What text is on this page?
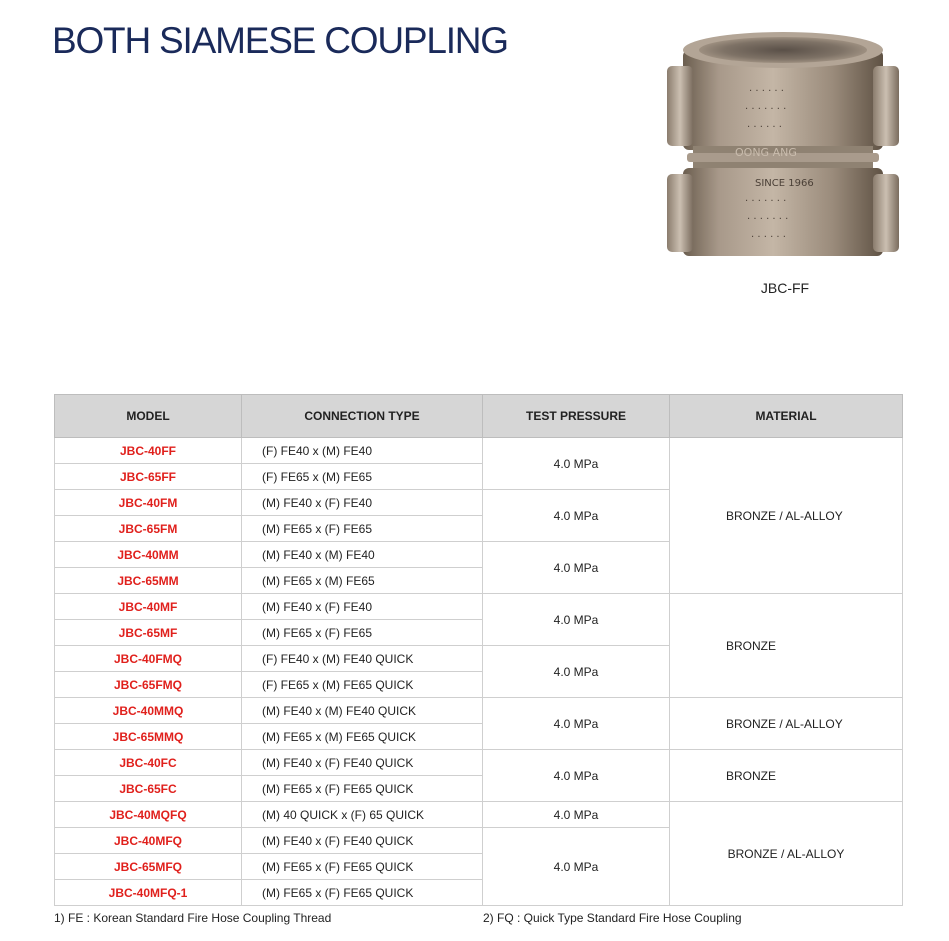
BOTH SIAMESE COUPLING
· · · · · ·
· · · · · · ·
· · · · · ·
SINCE 1966
· · · · · · ·
· · · · · · ·
· · · · · ·
OONG ANG
JBC-FF
MODEL	CONNECTION TYPE	TEST PRESSURE	MATERIAL
JBC-40FF	(F) FE40 x (M) FE40	4.0 MPa	BRONZE / AL-ALLOY
JBC-65FF	(F) FE65 x (M) FE65		
JBC-40FM	(M) FE40 x (F) FE40	4.0 MPa	
JBC-65FM	(M) FE65 x (F) FE65		
JBC-40MM	(M) FE40 x (M) FE40	4.0 MPa	
JBC-65MM	(M) FE65 x (M) FE65		
JBC-40MF	(M) FE40 x (F) FE40	4.0 MPa	BRONZE
JBC-65MF	(M) FE65 x (F) FE65		
JBC-40FMQ	(F) FE40 x (M) FE40 QUICK	4.0 MPa	
JBC-65FMQ	(F) FE65 x (M) FE65 QUICK		
JBC-40MMQ	(M) FE40 x (M) FE40 QUICK	4.0 MPa	BRONZE / AL-ALLOY
JBC-65MMQ	(M) FE65 x (M) FE65 QUICK		
JBC-40FC	(M) FE40 x (F) FE40 QUICK	4.0 MPa	BRONZE
JBC-65FC	(M) FE65 x (F) FE65 QUICK		
JBC-40MQFQ	(M) 40 QUICK x (F) 65 QUICK	4.0 MPa	BRONZE / AL-ALLOY
JBC-40MFQ	(M) FE40 x (F) FE40 QUICK	4.0 MPa	
JBC-65MFQ	(M) FE65 x (F) FE65 QUICK		
JBC-40MFQ-1	(M) FE65 x (F) FE65 QUICK		
1) FE : Korean Standard Fire Hose Coupling Thread	2) FQ : Quick Type Standard Fire Hose Coupling
